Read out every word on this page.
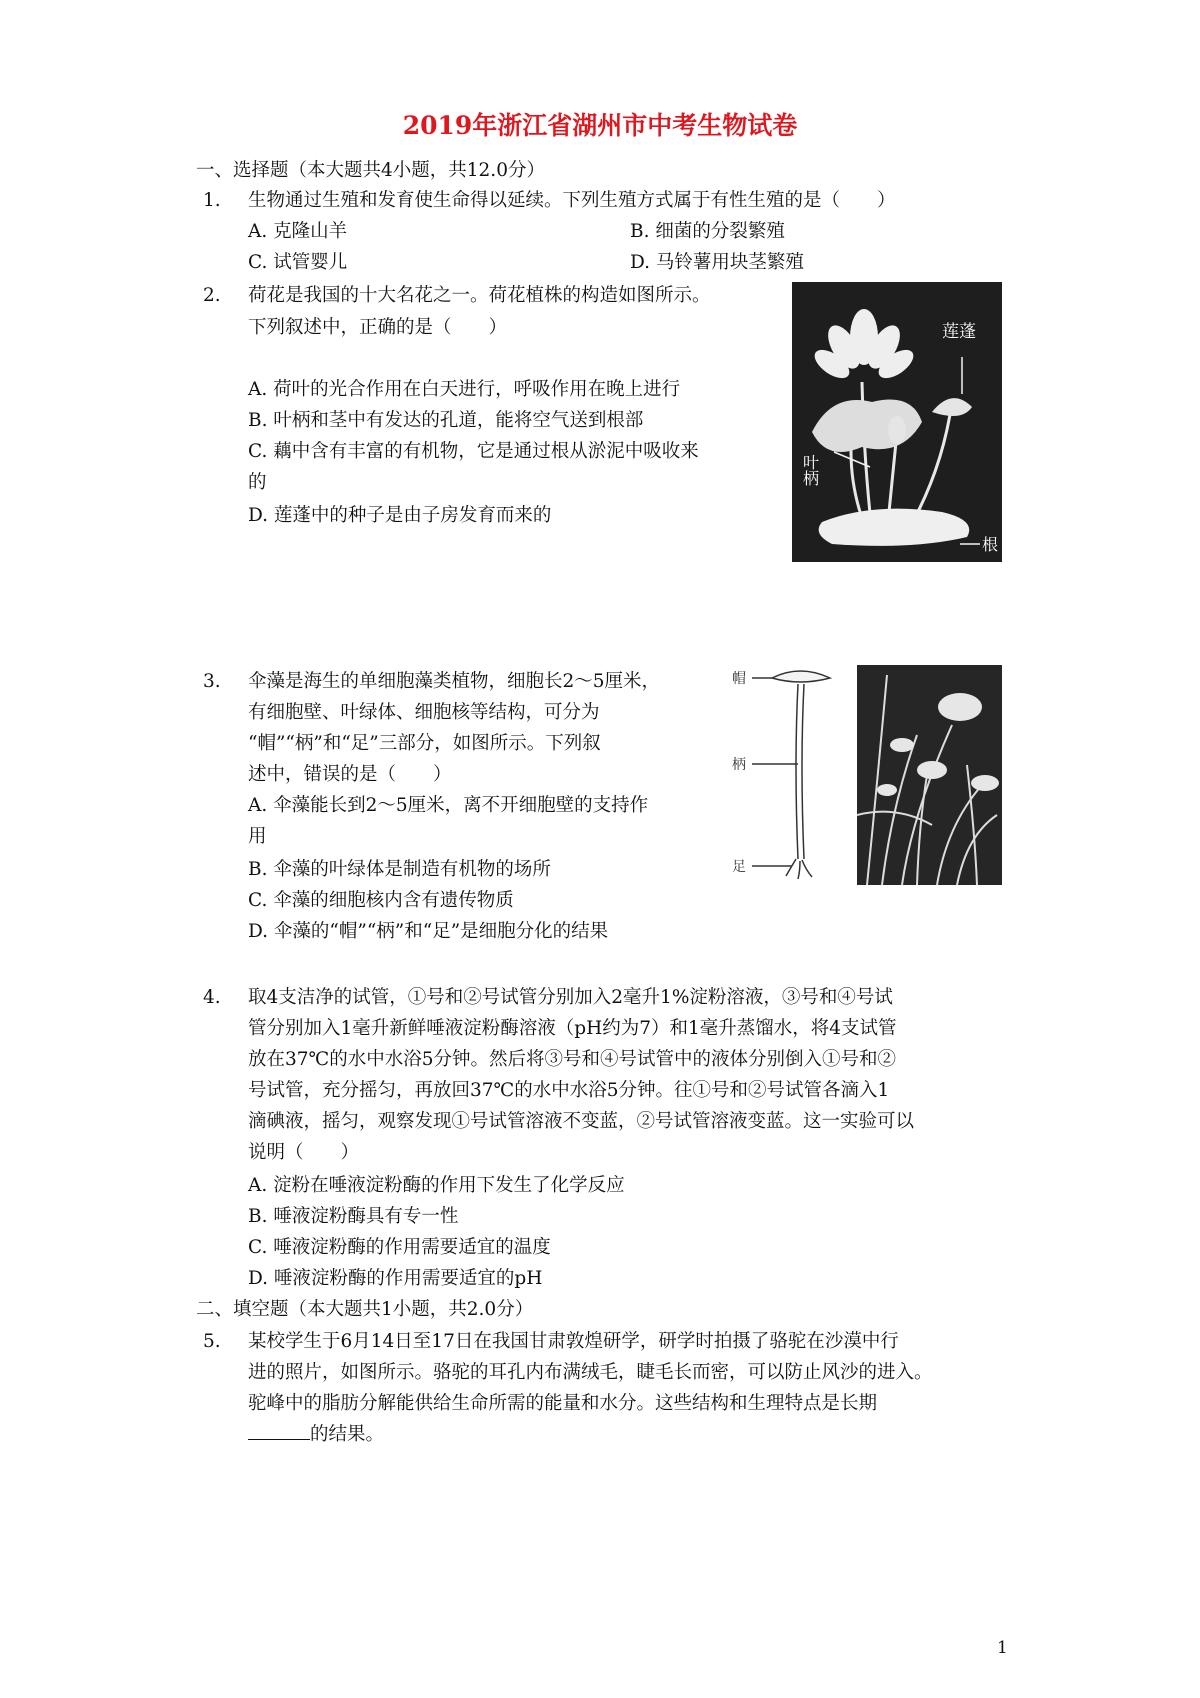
2019年浙江省湖州市中考生物试卷
一、选择题（本大题共4小题，共12.0分）
1. 生物通过生殖和发育使生命得以延续。下列生殖方式属于有性生殖的是（　　）
A. 克隆山羊	B. 细菌的分裂繁殖
C. 试管婴儿	D. 马铃薯用块茎繁殖
2. 荷花是我国的十大名花之一。荷花植株的构造如图所示。
下列叙述中，正确的是（　　）
A. 荷叶的光合作用在白天进行，呼吸作用在晚上进行
B. 叶柄和茎中有发达的孔道，能将空气送到根部
C. 藕中含有丰富的有机物，它是通过根从淤泥中吸收来
的
D. 莲蓬中的种子是由子房发育而来的
莲蓬
叶柄
根
3. 伞藻是海生的单细胞藻类植物，细胞长2～5厘米，
有细胞壁、叶绿体、细胞核等结构，可分为
“帽”“柄”和“足”三部分，如图所示。下列叙
述中，错误的是（　　）
A. 伞藻能长到2～5厘米，离不开细胞壁的支持作
用
B. 伞藻的叶绿体是制造有机物的场所
C. 伞藻的细胞核内含有遗传物质
D. 伞藻的“帽”“柄”和“足”是细胞分化的结果
帽
柄
足
4. 取4支洁净的试管，①号和②号试管分别加入2毫升1%淀粉溶液，③号和④号试
管分别加入1毫升新鲜唾液淀粉酶溶液（pH约为7）和1毫升蒸馏水，将4支试管
放在37℃的水中水浴5分钟。然后将③号和④号试管中的液体分别倒入①号和②
号试管，充分摇匀，再放回37℃的水中水浴5分钟。往①号和②号试管各滴入1
滴碘液，摇匀，观察发现①号试管溶液不变蓝，②号试管溶液变蓝。这一实验可以
说明（　　）
A. 淀粉在唾液淀粉酶的作用下发生了化学反应
B. 唾液淀粉酶具有专一性
C. 唾液淀粉酶的作用需要适宜的温度
D. 唾液淀粉酶的作用需要适宜的pH
二、填空题（本大题共1小题，共2.0分）
5. 某校学生于6月14日至17日在我国甘肃敦煌研学，研学时拍摄了骆驼在沙漠中行
进的照片，如图所示。骆驼的耳孔内布满绒毛，睫毛长而密，可以防止风沙的进入。
驼峰中的脂肪分解能供给生命所需的能量和水分。这些结构和生理特点是长期
的结果。
1
